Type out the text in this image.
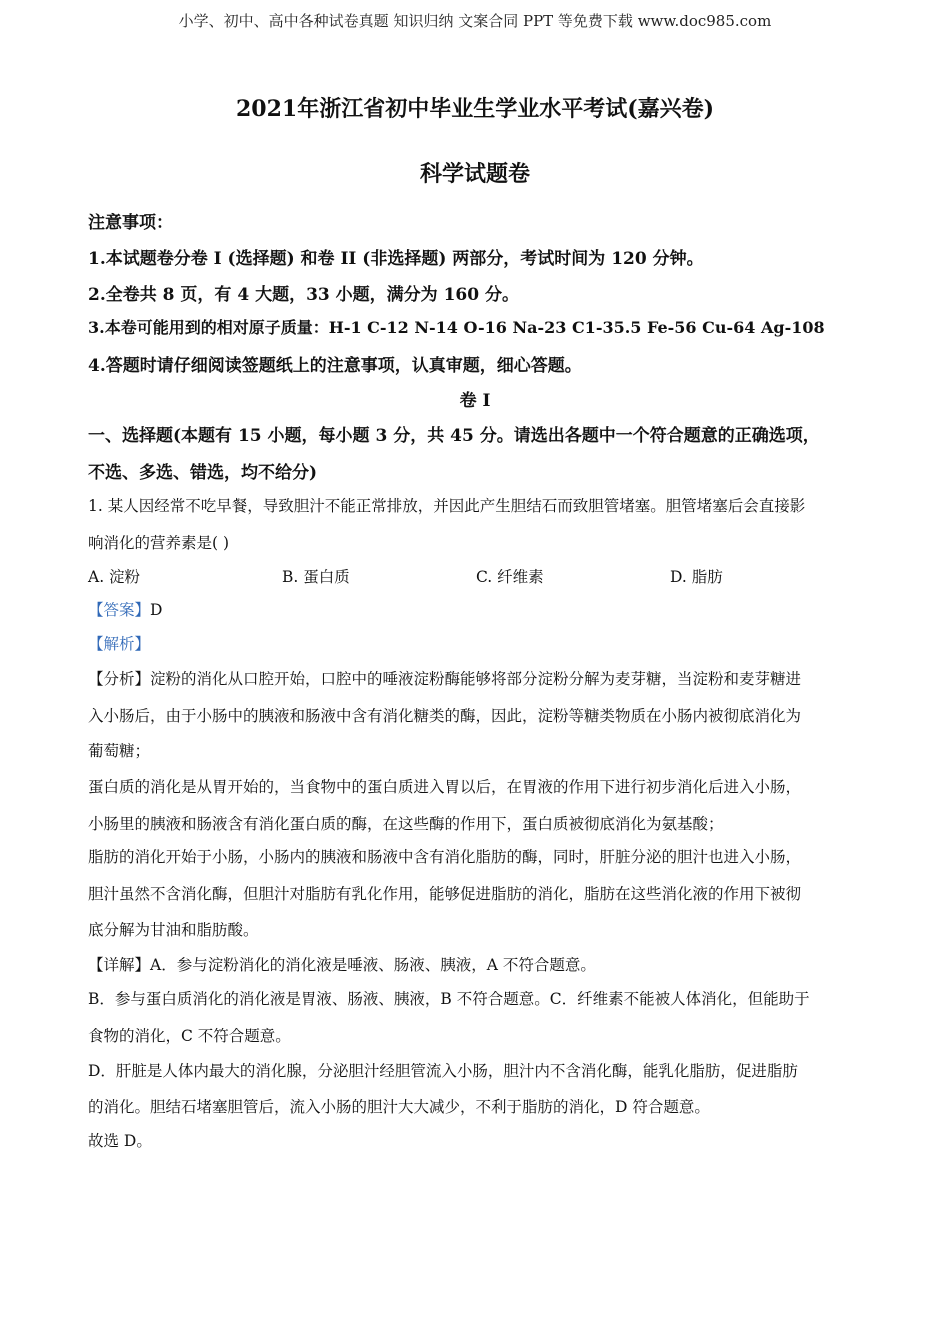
小学、初中、高中各种试卷真题 知识归纳 文案合同 PPT 等免费下载 www.doc985.com
2021年浙江省初中毕业生学业水平考试(嘉兴卷)
科学试题卷
注意事项：
1.本试题卷分卷 I (选择题) 和卷 II (非选择题) 两部分，考试时间为 120 分钟。
2.全卷共 8 页，有 4 大题，33 小题，满分为 160 分。
3.本卷可能用到的相对原子质量：H-1 C-12 N-14 O-16 Na-23 C1-35.5 Fe-56 Cu-64 Ag-108
4.答题时请仔细阅读签题纸上的注意事项，认真审题，细心答题。
卷 I
一、选择题(本题有 15 小题，每小题 3 分，共 45 分。请选出各题中一个符合题意的正确选项，
不选、多选、错选，均不给分)
1. 某人因经常不吃早餐，导致胆汁不能正常排放，并因此产生胆结石而致胆管堵塞。胆管堵塞后会直接影
响消化的营养素是( )
A. 淀粉	B. 蛋白质	C. 纤维素	D. 脂肪
【答案】D
【解析】
【分析】淀粉的消化从口腔开始，口腔中的唾液淀粉酶能够将部分淀粉分解为麦芽糖，当淀粉和麦芽糖进
入小肠后，由于小肠中的胰液和肠液中含有消化糖类的酶，因此，淀粉等糖类物质在小肠内被彻底消化为
葡萄糖；
蛋白质的消化是从胃开始的，当食物中的蛋白质进入胃以后，在胃液的作用下进行初步消化后进入小肠，
小肠里的胰液和肠液含有消化蛋白质的酶，在这些酶的作用下，蛋白质被彻底消化为氨基酸；
脂肪的消化开始于小肠，小肠内的胰液和肠液中含有消化脂肪的酶，同时，肝脏分泌的胆汁也进入小肠，
胆汁虽然不含消化酶，但胆汁对脂肪有乳化作用，能够促进脂肪的消化，脂肪在这些消化液的作用下被彻
底分解为甘油和脂肪酸。
【详解】A．参与淀粉消化的消化液是唾液、肠液、胰液，A 不符合题意。
B．参与蛋白质消化的消化液是胃液、肠液、胰液，B 不符合题意。C．纤维素不能被人体消化，但能助于
食物的消化，C 不符合题意。
D．肝脏是人体内最大的消化腺，分泌胆汁经胆管流入小肠，胆汁内不含消化酶，能乳化脂肪，促进脂肪
的消化。胆结石堵塞胆管后，流入小肠的胆汁大大减少，不利于脂肪的消化，D 符合题意。
故选 D。
